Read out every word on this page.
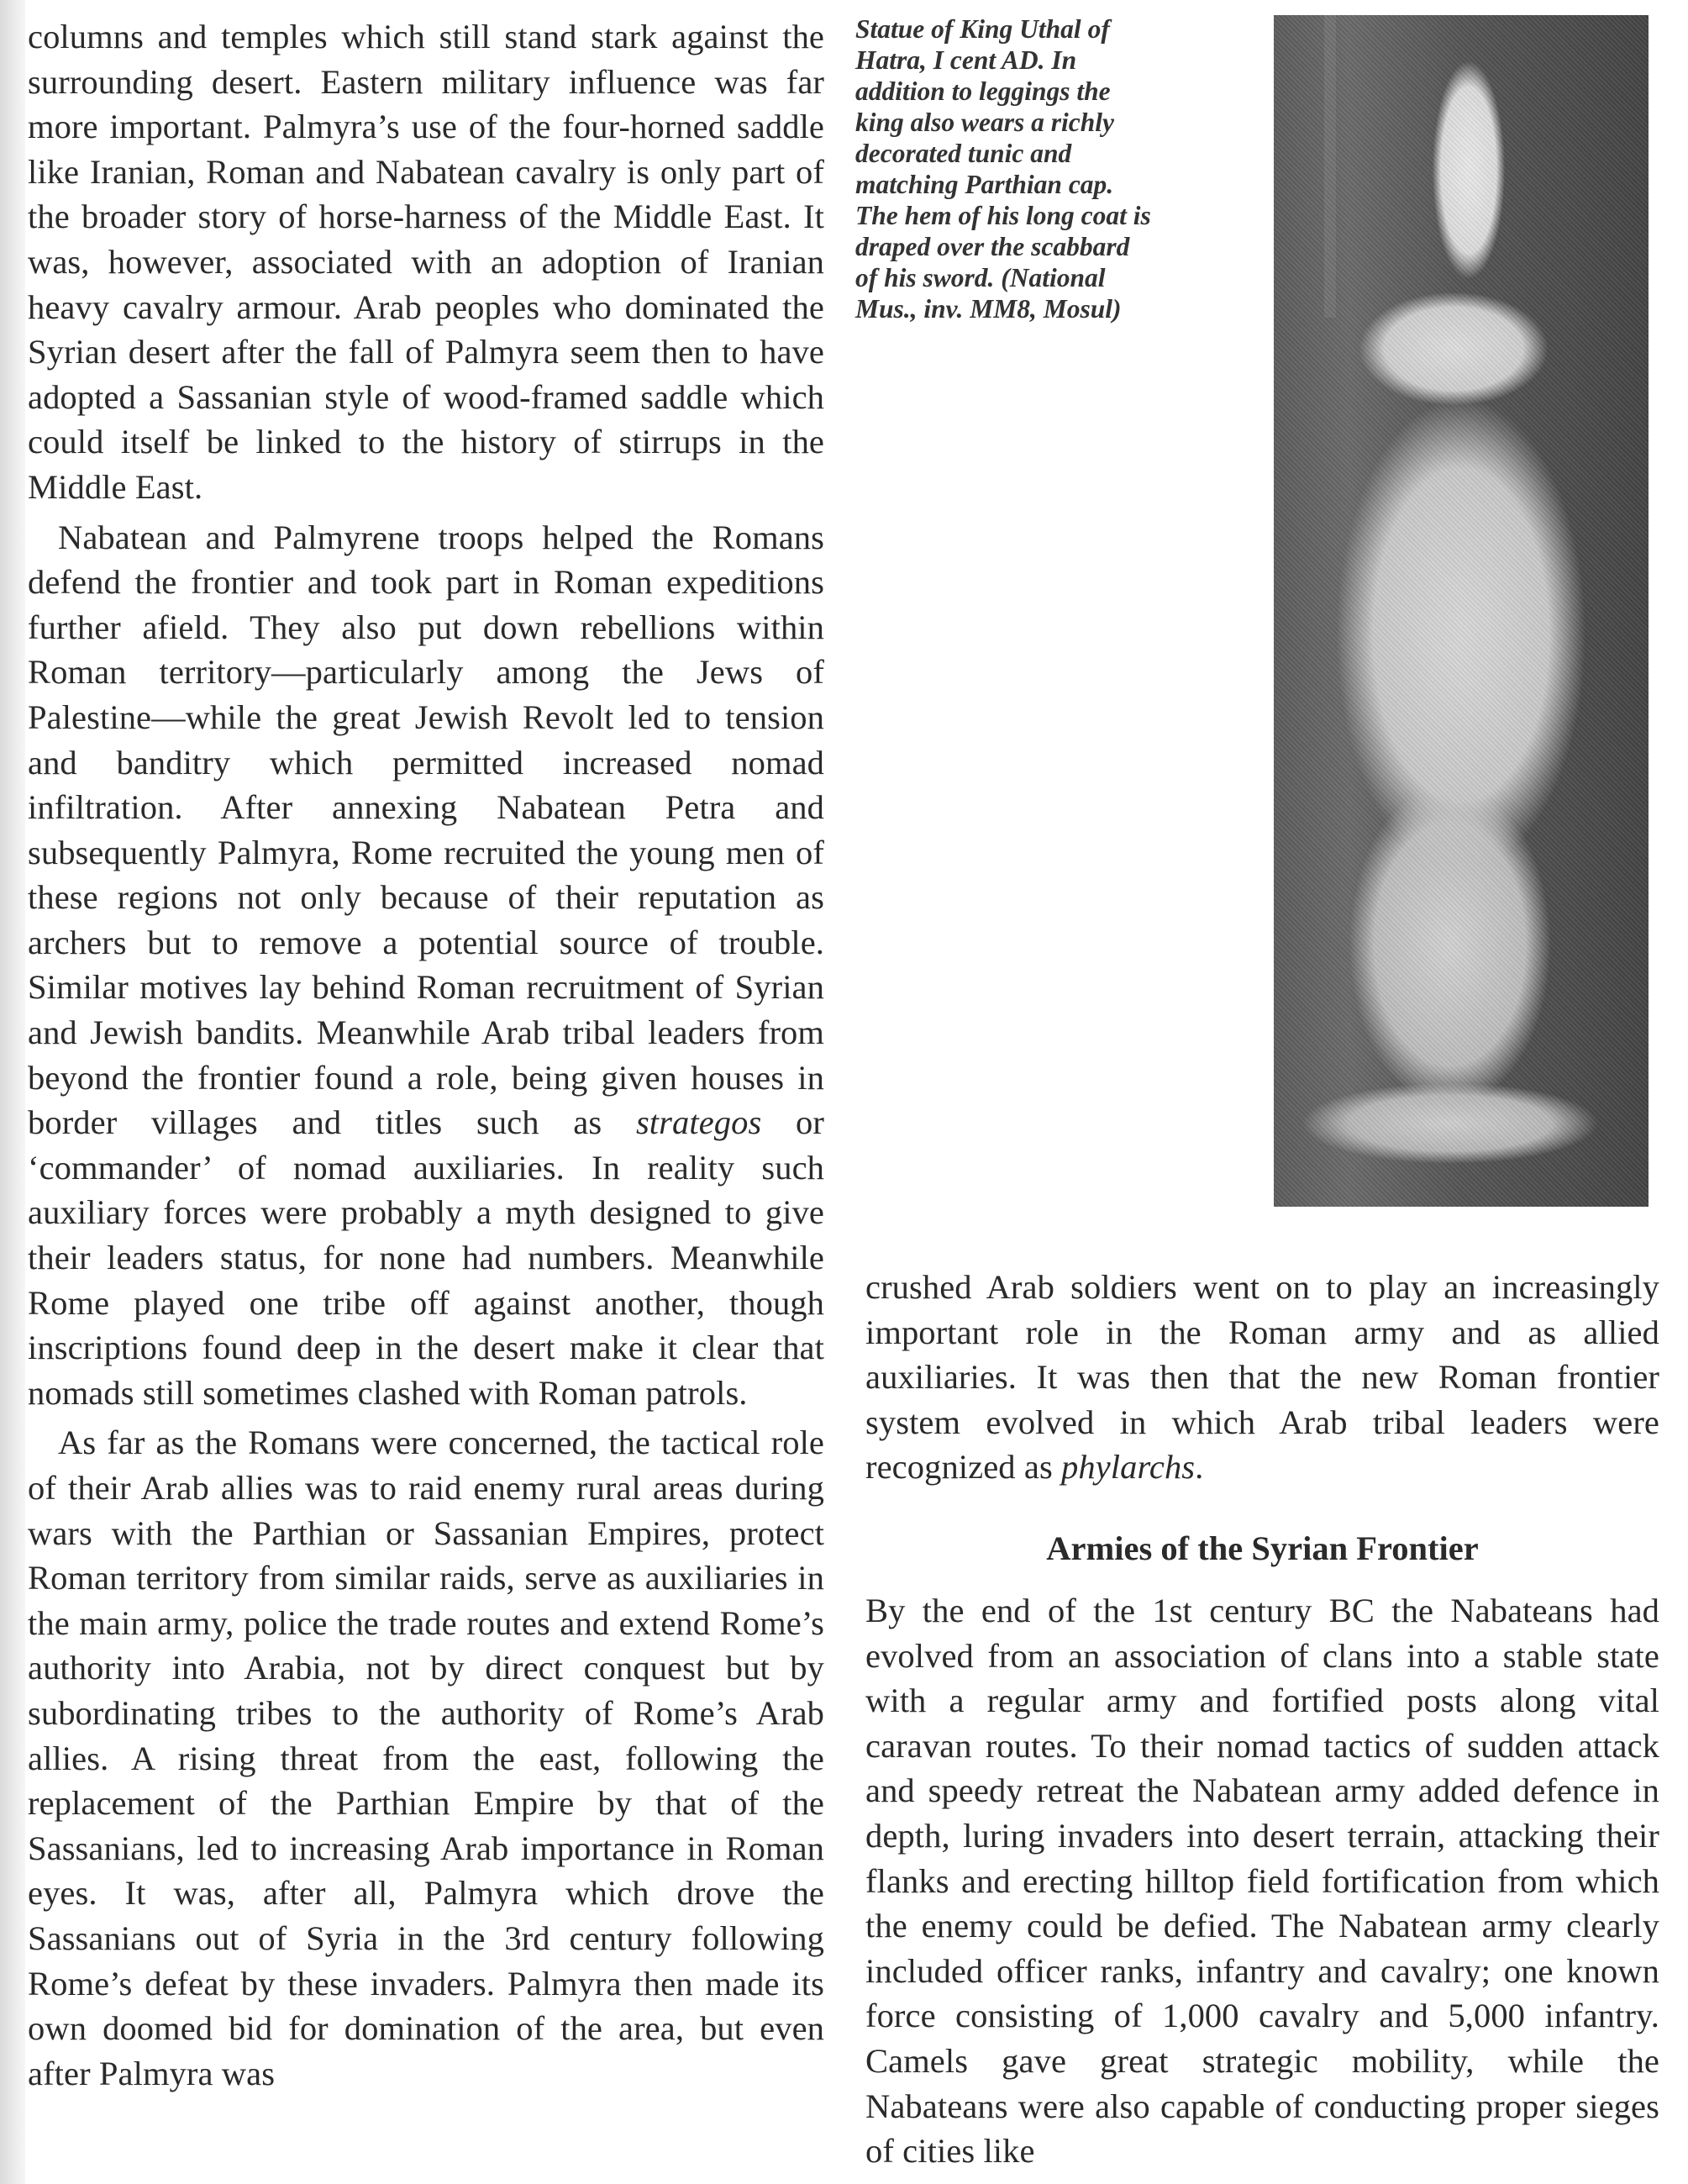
columns and temples which still stand stark against the surrounding desert. Eastern military influence was far more important. Palmyra’s use of the four-horned saddle like Iranian, Roman and Nabatean cavalry is only part of the broader story of horse-harness of the Middle East. It was, however, associated with an adoption of Iranian heavy cavalry armour. Arab peoples who dominated the Syrian desert after the fall of Palmyra seem then to have adopted a Sassanian style of wood-framed saddle which could itself be linked to the history of stirrups in the Middle East.

Nabatean and Palmyrene troops helped the Romans defend the frontier and took part in Roman expeditions further afield. They also put down rebellions within Roman territory—particularly among the Jews of Palestine—while the great Jewish Revolt led to tension and banditry which permitted increased nomad infiltration. After annexing Nabatean Petra and subsequently Palmyra, Rome recruited the young men of these regions not only because of their reputation as archers but to remove a potential source of trouble. Similar motives lay behind Roman recruitment of Syrian and Jewish bandits. Meanwhile Arab tribal leaders from beyond the frontier found a role, being given houses in border villages and titles such as strategos or ‘commander’ of nomad auxiliaries. In reality such auxiliary forces were probably a myth designed to give their leaders status, for none had numbers. Meanwhile Rome played one tribe off against another, though inscriptions found deep in the desert make it clear that nomads still sometimes clashed with Roman patrols.

As far as the Romans were concerned, the tactical role of their Arab allies was to raid enemy rural areas during wars with the Parthian or Sassanian Empires, protect Roman territory from similar raids, serve as auxiliaries in the main army, police the trade routes and extend Rome’s authority into Arabia, not by direct conquest but by subordinating tribes to the authority of Rome’s Arab allies. A rising threat from the east, following the replacement of the Parthian Empire by that of the Sassanians, led to increasing Arab importance in Roman eyes. It was, after all, Palmyra which drove the Sassanians out of Syria in the 3rd century following Rome’s defeat by these invaders. Palmyra then made its own doomed bid for domination of the area, but even after Palmyra was

Statue of King Uthal of
Hatra, I cent AD. In
addition to leggings the
king also wears a richly
decorated tunic and
matching Parthian cap.
The hem of his long coat is
draped over the scabbard
of his sword. (National
Mus., inv. MM8, Mosul)

crushed Arab soldiers went on to play an increasingly important role in the Roman army and as allied auxiliaries. It was then that the new Roman frontier system evolved in which Arab tribal leaders were recognized as phylarchs.

Armies of the Syrian Frontier

By the end of the 1st century BC the Nabateans had evolved from an association of clans into a stable state with a regular army and fortified posts along vital caravan routes. To their nomad tactics of sudden attack and speedy retreat the Nabatean army added defence in depth, luring invaders into desert terrain, attacking their flanks and erecting hilltop field fortification from which the enemy could be defied. The Nabatean army clearly included officer ranks, infantry and cavalry; one known force consisting of 1,000 cavalry and 5,000 infantry. Camels gave great strategic mobility, while the Nabateans were also capable of conducting proper sieges of cities like
